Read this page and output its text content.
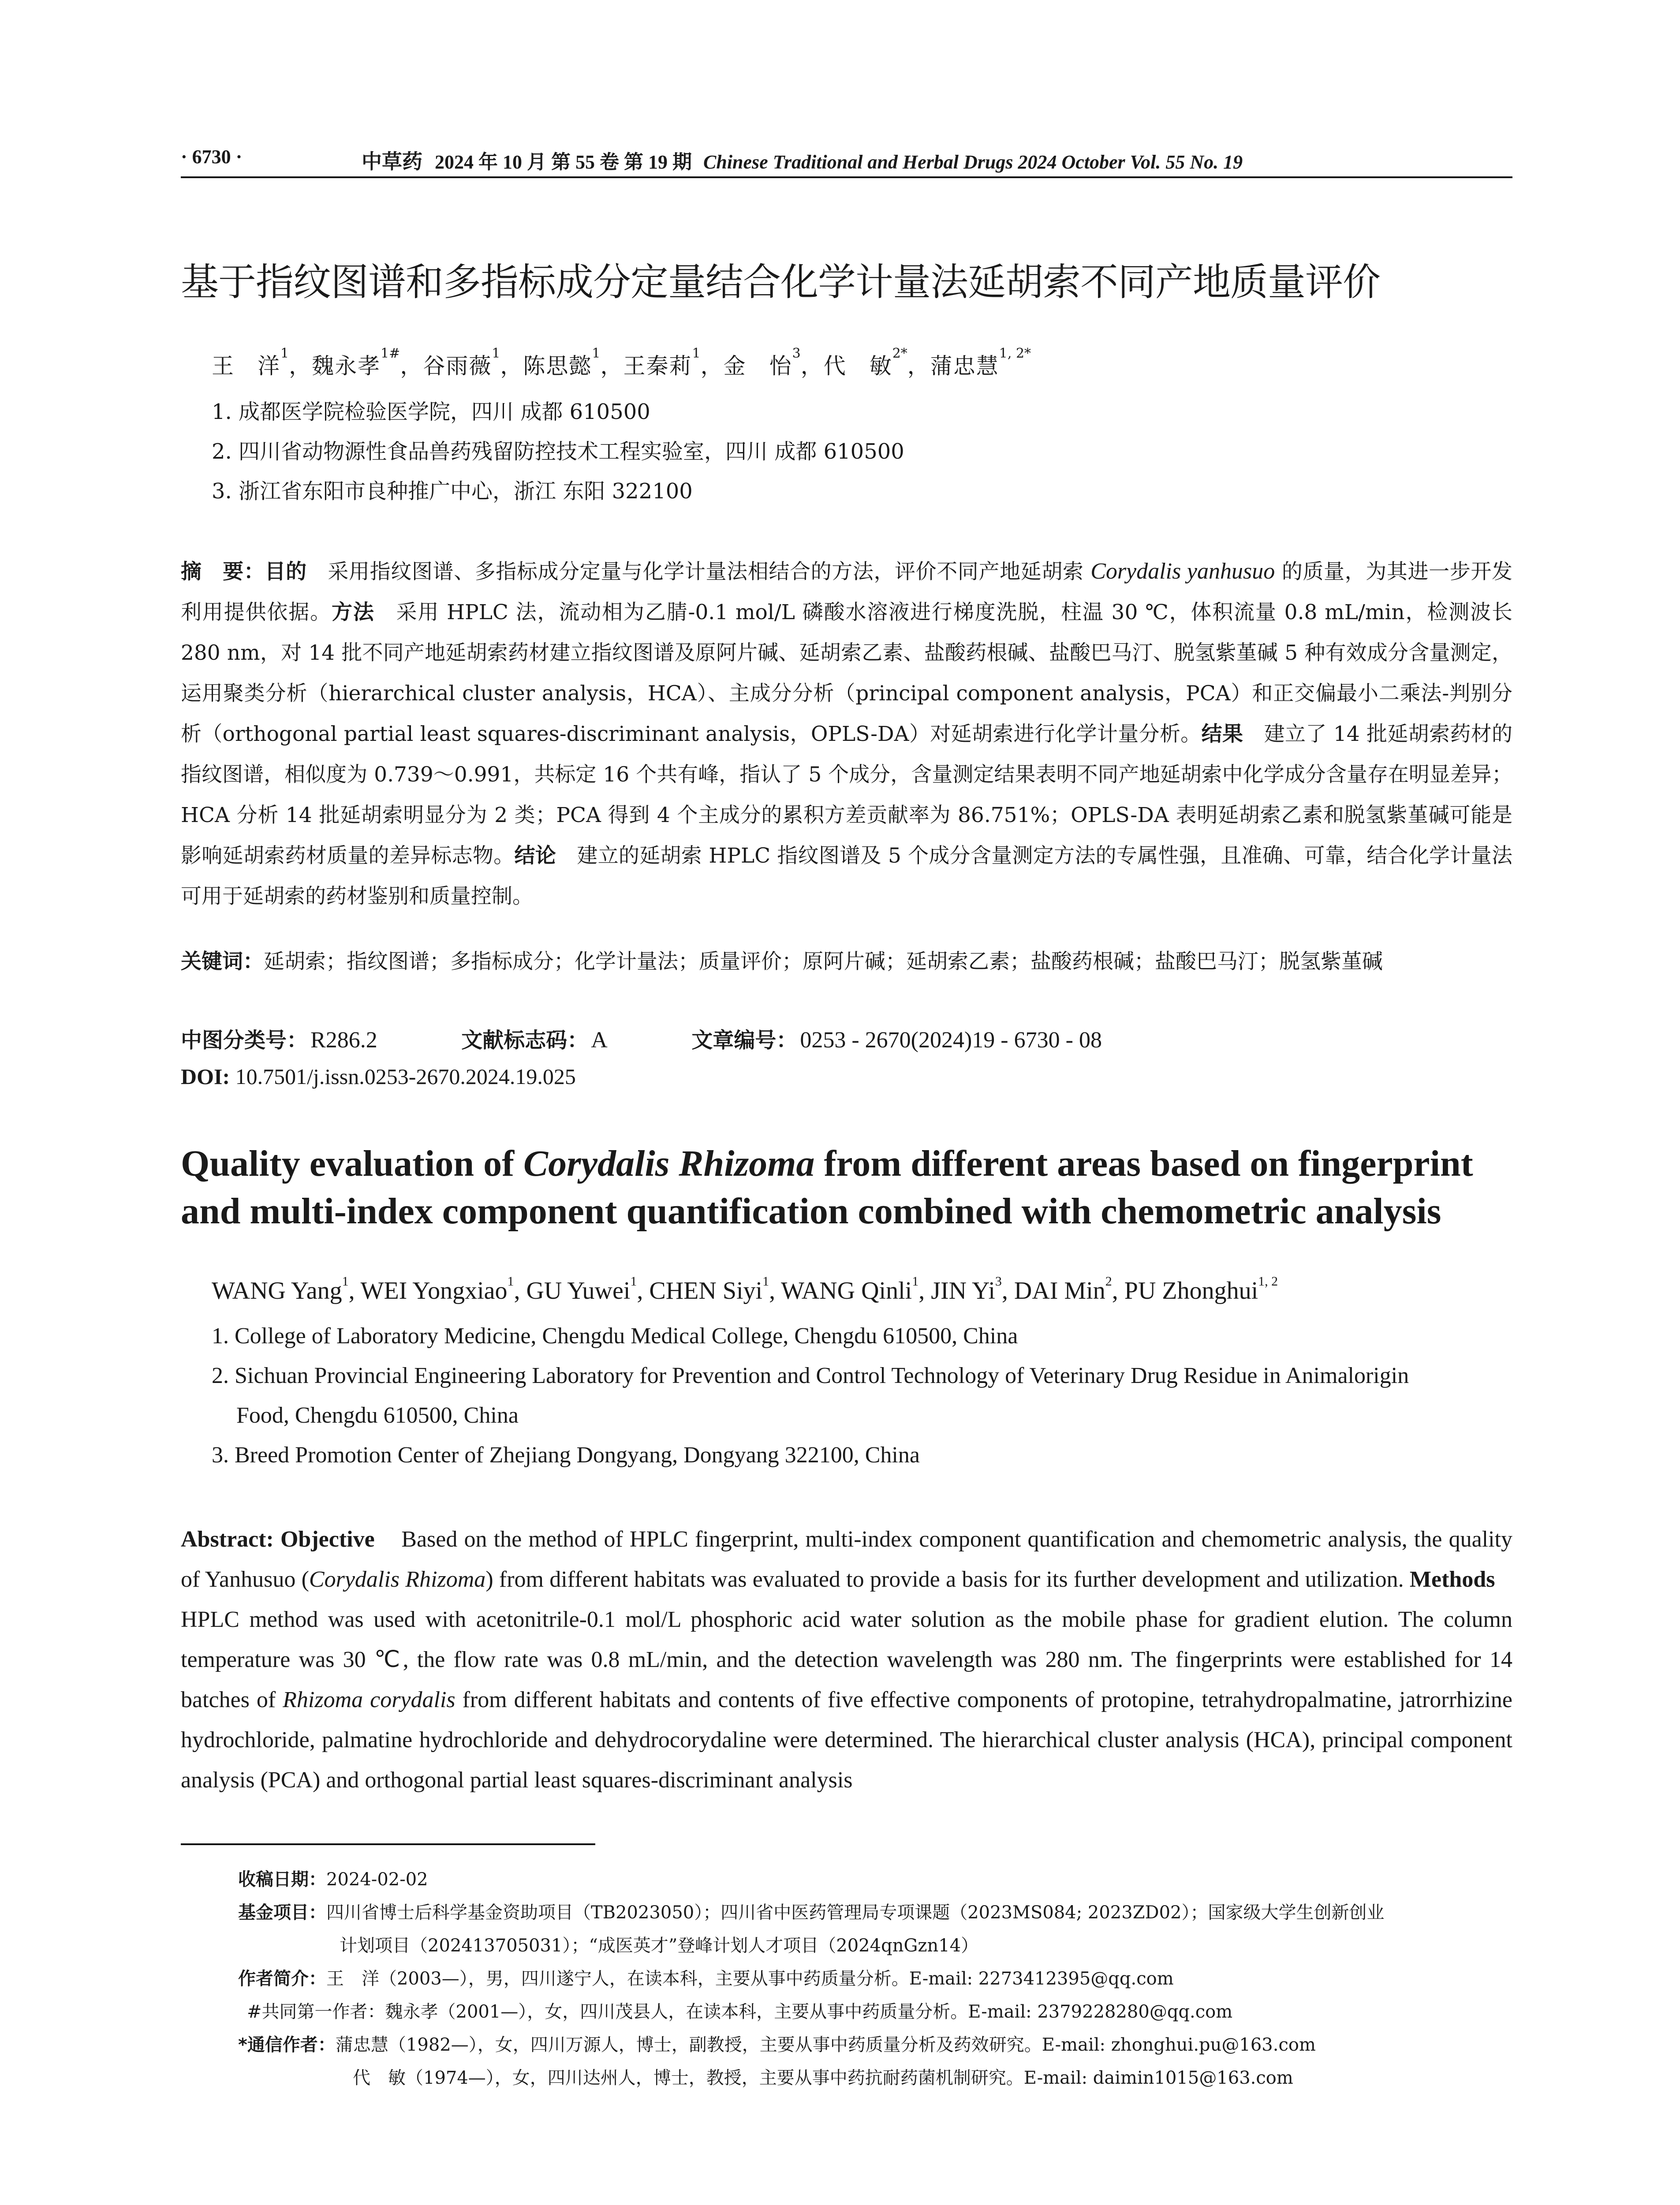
· 6730 ·	中草药 2024 年 10 月 第 55 卷 第 19 期 Chinese Traditional and Herbal Drugs 2024 October Vol. 55 No. 19
基于指纹图谱和多指标成分定量结合化学计量法延胡索不同产地质量评价
王　洋$^1$，魏永孝$^{1\#}$，谷雨薇$^1$，陈思懿$^1$，王秦莉$^1$，金　怡$^3$，代　敏$^{2*}$，蒲忠慧$^{1, 2*}$
1. 成都医学院检验医学院，四川 成都 610500
2. 四川省动物源性食品兽药残留防控技术工程实验室，四川 成都 610500
3. 浙江省东阳市良种推广中心，浙江 东阳 322100
摘　要：目的　 采用指纹图谱、多指标成分定量与化学计量法相结合的方法，评价不同产地延胡索 Corydalis yanhusuo 的质量，为其进一步开发利用提供依据。方法　 采用 HPLC 法，流动相为乙腈-0.1 mol/L 磷酸水溶液进行梯度洗脱，柱温 30 ℃，体积流量 0.8 mL/min，检测波长 280 nm，对 14 批不同产地延胡索药材建立指纹图谱及原阿片碱、延胡索乙素、盐酸药根碱、盐酸巴马汀、脱氢紫堇碱 5 种有效成分含量测定，运用聚类分析（hierarchical cluster analysis，HCA）、主成分分析（principal component analysis，PCA）和正交偏最小二乘法-判别分析（orthogonal partial least squares-discriminant analysis，OPLS-DA）对延胡索进行化学计量分析。结果　 建立了 14 批延胡索药材的指纹图谱，相似度为 0.739～0.991，共标定 16 个共有峰，指认了 5 个成分，含量测定结果表明不同产地延胡索中化学成分含量存在明显差异；HCA 分析 14 批延胡索明显分为 2 类；PCA 得到 4 个主成分的累积方差贡献率为 86.751%；OPLS-DA 表明延胡索乙素和脱氢紫堇碱可能是影响延胡索药材质量的差异标志物。结论　 建立的延胡索 HPLC 指纹图谱及 5 个成分含量测定方法的专属性强，且准确、可靠，结合化学计量法可用于延胡索的药材鉴别和质量控制。
关键词：延胡索；指纹图谱；多指标成分；化学计量法；质量评价；原阿片碱；延胡索乙素；盐酸药根碱；盐酸巴马汀；脱氢紫堇碱
中图分类号： R286.2	文献标志码： A	文章编号： 0253 - 2670(2024)19 - 6730 - 08
DOI: 10.7501/j.issn.0253-2670.2024.19.025
Quality evaluation of Corydalis Rhizoma from different areas based on fingerprint and multi-index component quantification combined with chemometric analysis
WANG Yang$^1$, WEI Yongxiao$^1$, GU Yuwei$^1$, CHEN Siyi$^1$, WANG Qinli$^1$, JIN Yi$^3$, DAI Min$^2$, PU Zhonghui$^{1, 2}$
1. College of Laboratory Medicine, Chengdu Medical College, Chengdu 610500, China
2. Sichuan Provincial Engineering Laboratory for Prevention and Control Technology of Veterinary Drug Residue in Animalorigin
Food, Chengdu 610500, China
3. Breed Promotion Center of Zhejiang Dongyang, Dongyang 322100, China
Abstract: Objective Based on the method of HPLC fingerprint, multi-index component quantification and chemometric analysis, the quality of Yanhusuo (Corydalis Rhizoma) from different habitats was evaluated to provide a basis for its further development and utilization. Methods    HPLC method was used with acetonitrile-0.1 mol/L phosphoric acid water solution as the mobile phase for gradient elution. The column temperature was 30 ℃, the flow rate was 0.8 mL/min, and the detection wavelength was 280 nm. The fingerprints were established for 14 batches of Rhizoma corydalis from different habitats and contents of five effective components of protopine, tetrahydropalmatine, jatrorrhizine hydrochloride, palmatine hydrochloride and dehydrocorydaline were determined. The hierarchical cluster analysis (HCA), principal component analysis (PCA) and orthogonal partial least squares-discriminant analysis
收稿日期：2024-02-02
基金项目：四川省博士后科学基金资助项目（TB2023050）；四川省中医药管理局专项课题（2023MS084; 2023ZD02）；国家级大学生创新创业
计划项目（202413705031）；“成医英才”登峰计划人才项目（2024qnGzn14）
作者简介：王　洋（2003—），男，四川遂宁人，在读本科，主要从事中药质量分析。E-mail: 2273412395@qq.com
#共同第一作者：魏永孝（2001—），女，四川茂县人，在读本科，主要从事中药质量分析。E-mail: 2379228280@qq.com
*通信作者：蒲忠慧（1982—），女，四川万源人，博士，副教授，主要从事中药质量分析及药效研究。E-mail: zhonghui.pu@163.com
代　敏（1974—），女，四川达州人，博士，教授，主要从事中药抗耐药菌机制研究。E-mail: daimin1015@163.com
